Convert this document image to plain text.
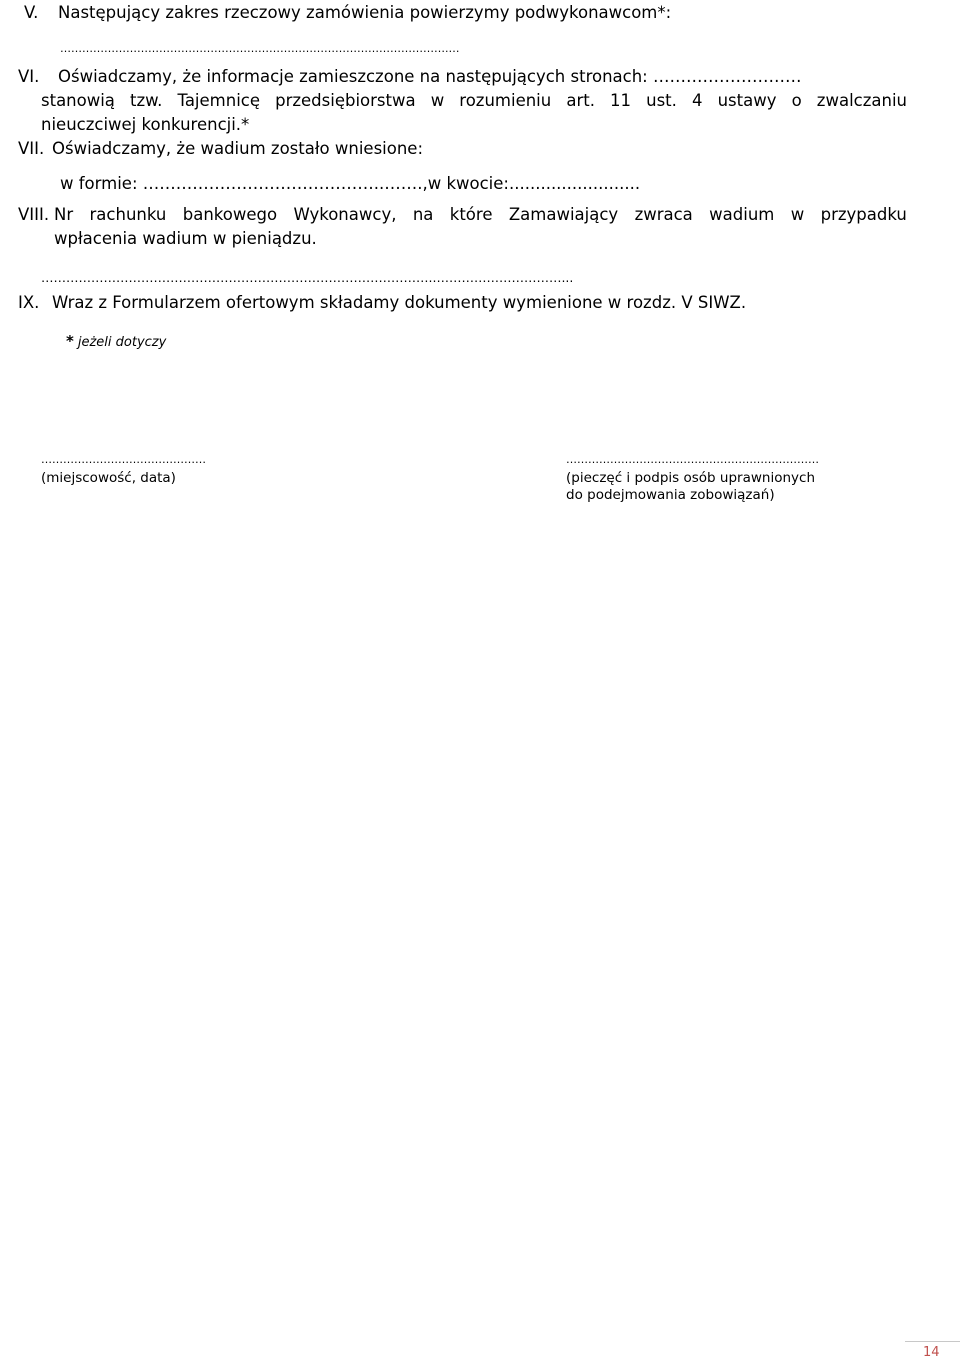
V. Następujący zakres rzeczowy zamówienia powierzymy podwykonawcom*:
…………………………………………………………………………………………….…
VI. Oświadczamy, że informacje zamieszczone na następujących stronach: ………………………
stanowią tzw. Tajemnicę przedsiębiorstwa w rozumieniu art. 11 ust. 4 ustawy o zwalczaniu
nieuczciwej konkurencji.*
VII. Oświadczamy, że wadium zostało wniesione:
w formie: ……………………………………..…….,w kwocie:.........................
VIII. Nr rachunku bankowego Wykonawcy, na które Zamawiający zwraca wadium w przypadku
wpłacenia wadium w pieniądzu.
…………………………………………………………………………………..…………………………...
IX. Wraz z Formularzem ofertowym składamy dokumenty wymienione w rozdz. V SIWZ.
* jeżeli dotyczy
………………………………………
(miejscowość, data)
……………………………………………………………
(pieczęć i podpis osób uprawnionych
do podejmowania zobowiązań)
14
